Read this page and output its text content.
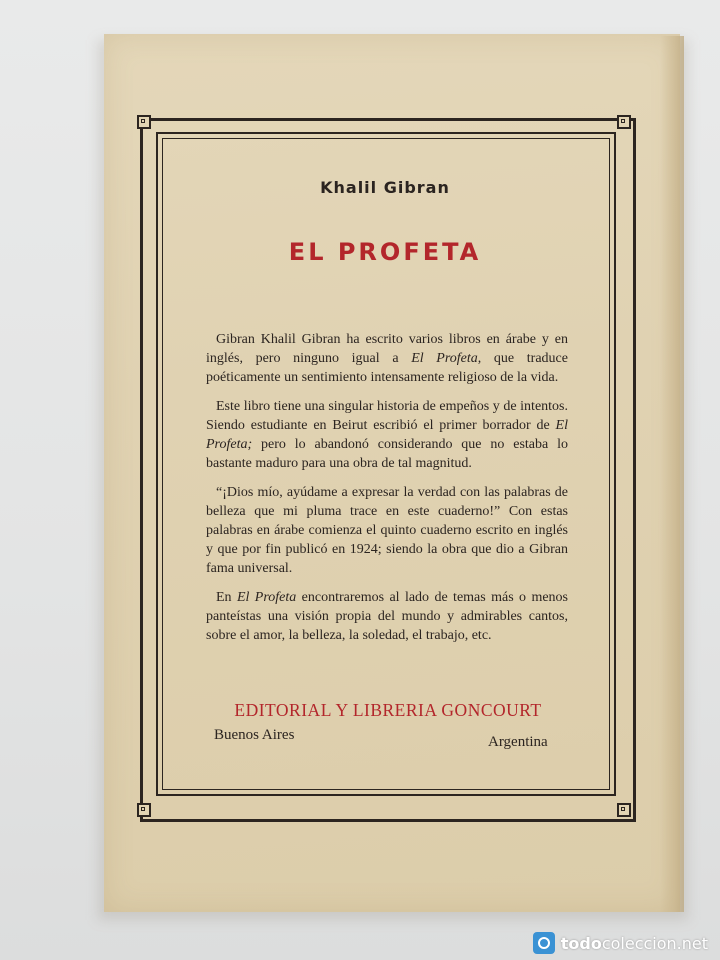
Khalil Gibran
EL PROFETA

Gibran Khalil Gibran ha escrito varios libros en árabe y en inglés, pero ninguno igual a El Profeta, que traduce poéticamente un sentimiento intensamente religioso de la vida.

Este libro tiene una singular historia de empeños y de intentos. Siendo estudiante en Beirut escribió el primer borrador de El Profeta; pero lo abandonó considerando que no estaba lo bastante maduro para una obra de tal magnitud.

“¡Dios mío, ayúdame a expresar la verdad con las palabras de belleza que mi pluma trace en este cuaderno!” Con estas palabras en árabe comienza el quinto cuaderno escrito en inglés y que por fin publicó en 1924; siendo la obra que dio a Gibran fama universal.

En El Profeta encontraremos al lado de temas más o menos panteístas una visión propia del mundo y admirables cantos, sobre el amor, la belleza, la soledad, el trabajo, etc.

EDITORIAL Y LIBRERIA GONCOURT
Buenos Aires	Argentina
todocoleccion.net
